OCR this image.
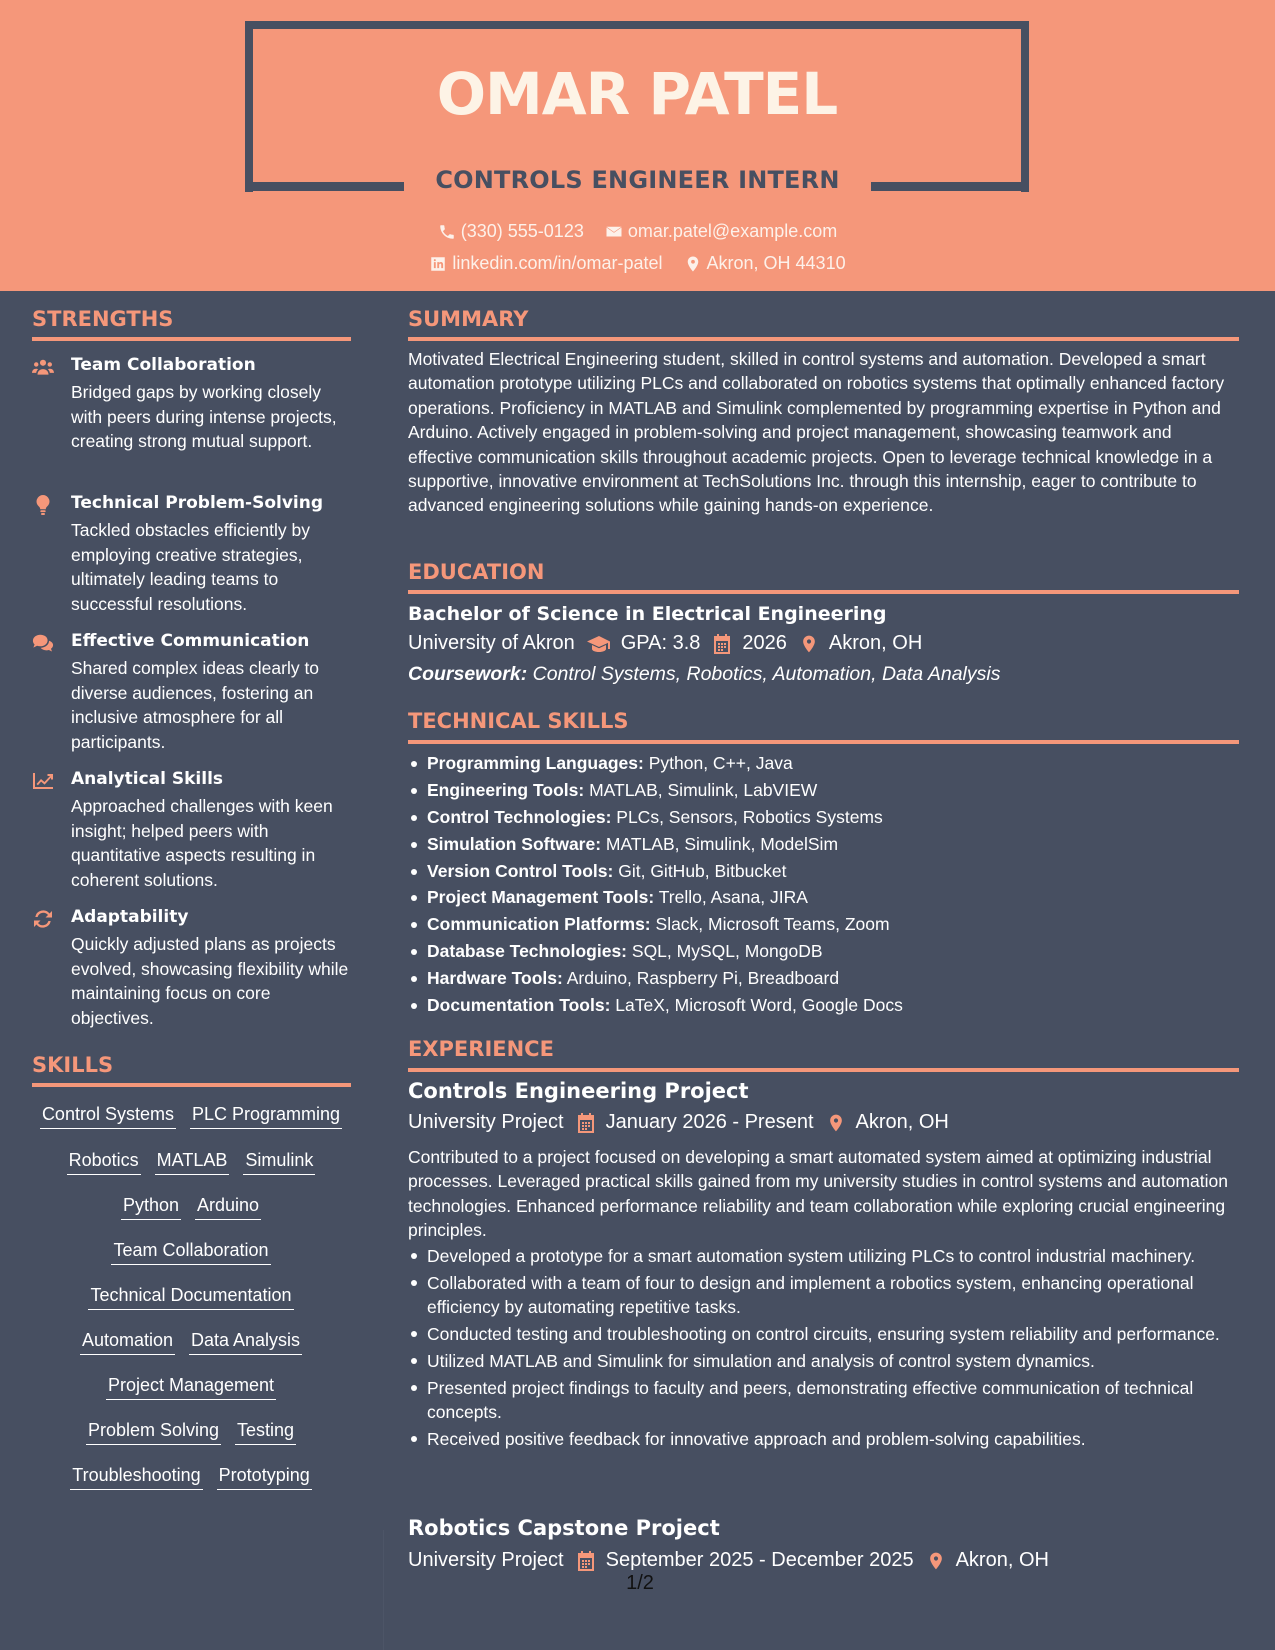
OMAR PATEL
CONTROLS ENGINEER INTERN
(330) 555-0123
omar.patel@example.com
linkedin.com/in/omar-patel
Akron, OH 44310
STRENGTHS
Team Collaboration
Bridged gaps by working closely with peers during intense projects, creating strong mutual support.
Technical Problem-Solving
Tackled obstacles efficiently by employing creative strategies, ultimately leading teams to successful resolutions.
Effective Communication
Shared complex ideas clearly to diverse audiences, fostering an inclusive atmosphere for all participants.
Analytical Skills
Approached challenges with keen insight; helped peers with quantitative aspects resulting in coherent solutions.
Adaptability
Quickly adjusted plans as projects evolved, showcasing flexibility while maintaining focus on core objectives.
SKILLS
Control Systems PLC Programming
Robotics MATLAB Simulink
Python Arduino
Team Collaboration
Technical Documentation
Automation Data Analysis
Project Management
Problem Solving Testing
Troubleshooting Prototyping
SUMMARY
Motivated Electrical Engineering student, skilled in control systems and automation. Developed a smart automation prototype utilizing PLCs and collaborated on robotics systems that optimally enhanced factory operations. Proficiency in MATLAB and Simulink complemented by programming expertise in Python and Arduino. Actively engaged in problem-solving and project management, showcasing teamwork and effective communication skills throughout academic projects. Open to leverage technical knowledge in a supportive, innovative environment at TechSolutions Inc. through this internship, eager to contribute to advanced engineering solutions while gaining hands-on experience.
EDUCATION
Bachelor of Science in Electrical Engineering
University of Akron GPA: 3.8 2026 Akron, OH
Coursework: Control Systems, Robotics, Automation, Data Analysis
TECHNICAL SKILLS
Programming Languages: Python, C++, Java
Engineering Tools: MATLAB, Simulink, LabVIEW
Control Technologies: PLCs, Sensors, Robotics Systems
Simulation Software: MATLAB, Simulink, ModelSim
Version Control Tools: Git, GitHub, Bitbucket
Project Management Tools: Trello, Asana, JIRA
Communication Platforms: Slack, Microsoft Teams, Zoom
Database Technologies: SQL, MySQL, MongoDB
Hardware Tools: Arduino, Raspberry Pi, Breadboard
Documentation Tools: LaTeX, Microsoft Word, Google Docs
EXPERIENCE
Controls Engineering Project
University Project January 2026 - Present Akron, OH
Contributed to a project focused on developing a smart automated system aimed at optimizing industrial processes. Leveraged practical skills gained from my university studies in control systems and automation technologies. Enhanced performance reliability and team collaboration while exploring crucial engineering principles.
Developed a prototype for a smart automation system utilizing PLCs to control industrial machinery.
Collaborated with a team of four to design and implement a robotics system, enhancing operational efficiency by automating repetitive tasks.
Conducted testing and troubleshooting on control circuits, ensuring system reliability and performance.
Utilized MATLAB and Simulink for simulation and analysis of control system dynamics.
Presented project findings to faculty and peers, demonstrating effective communication of technical concepts.
Received positive feedback for innovative approach and problem-solving capabilities.
Robotics Capstone Project
University Project September 2025 - December 2025 Akron, OH
1/2
